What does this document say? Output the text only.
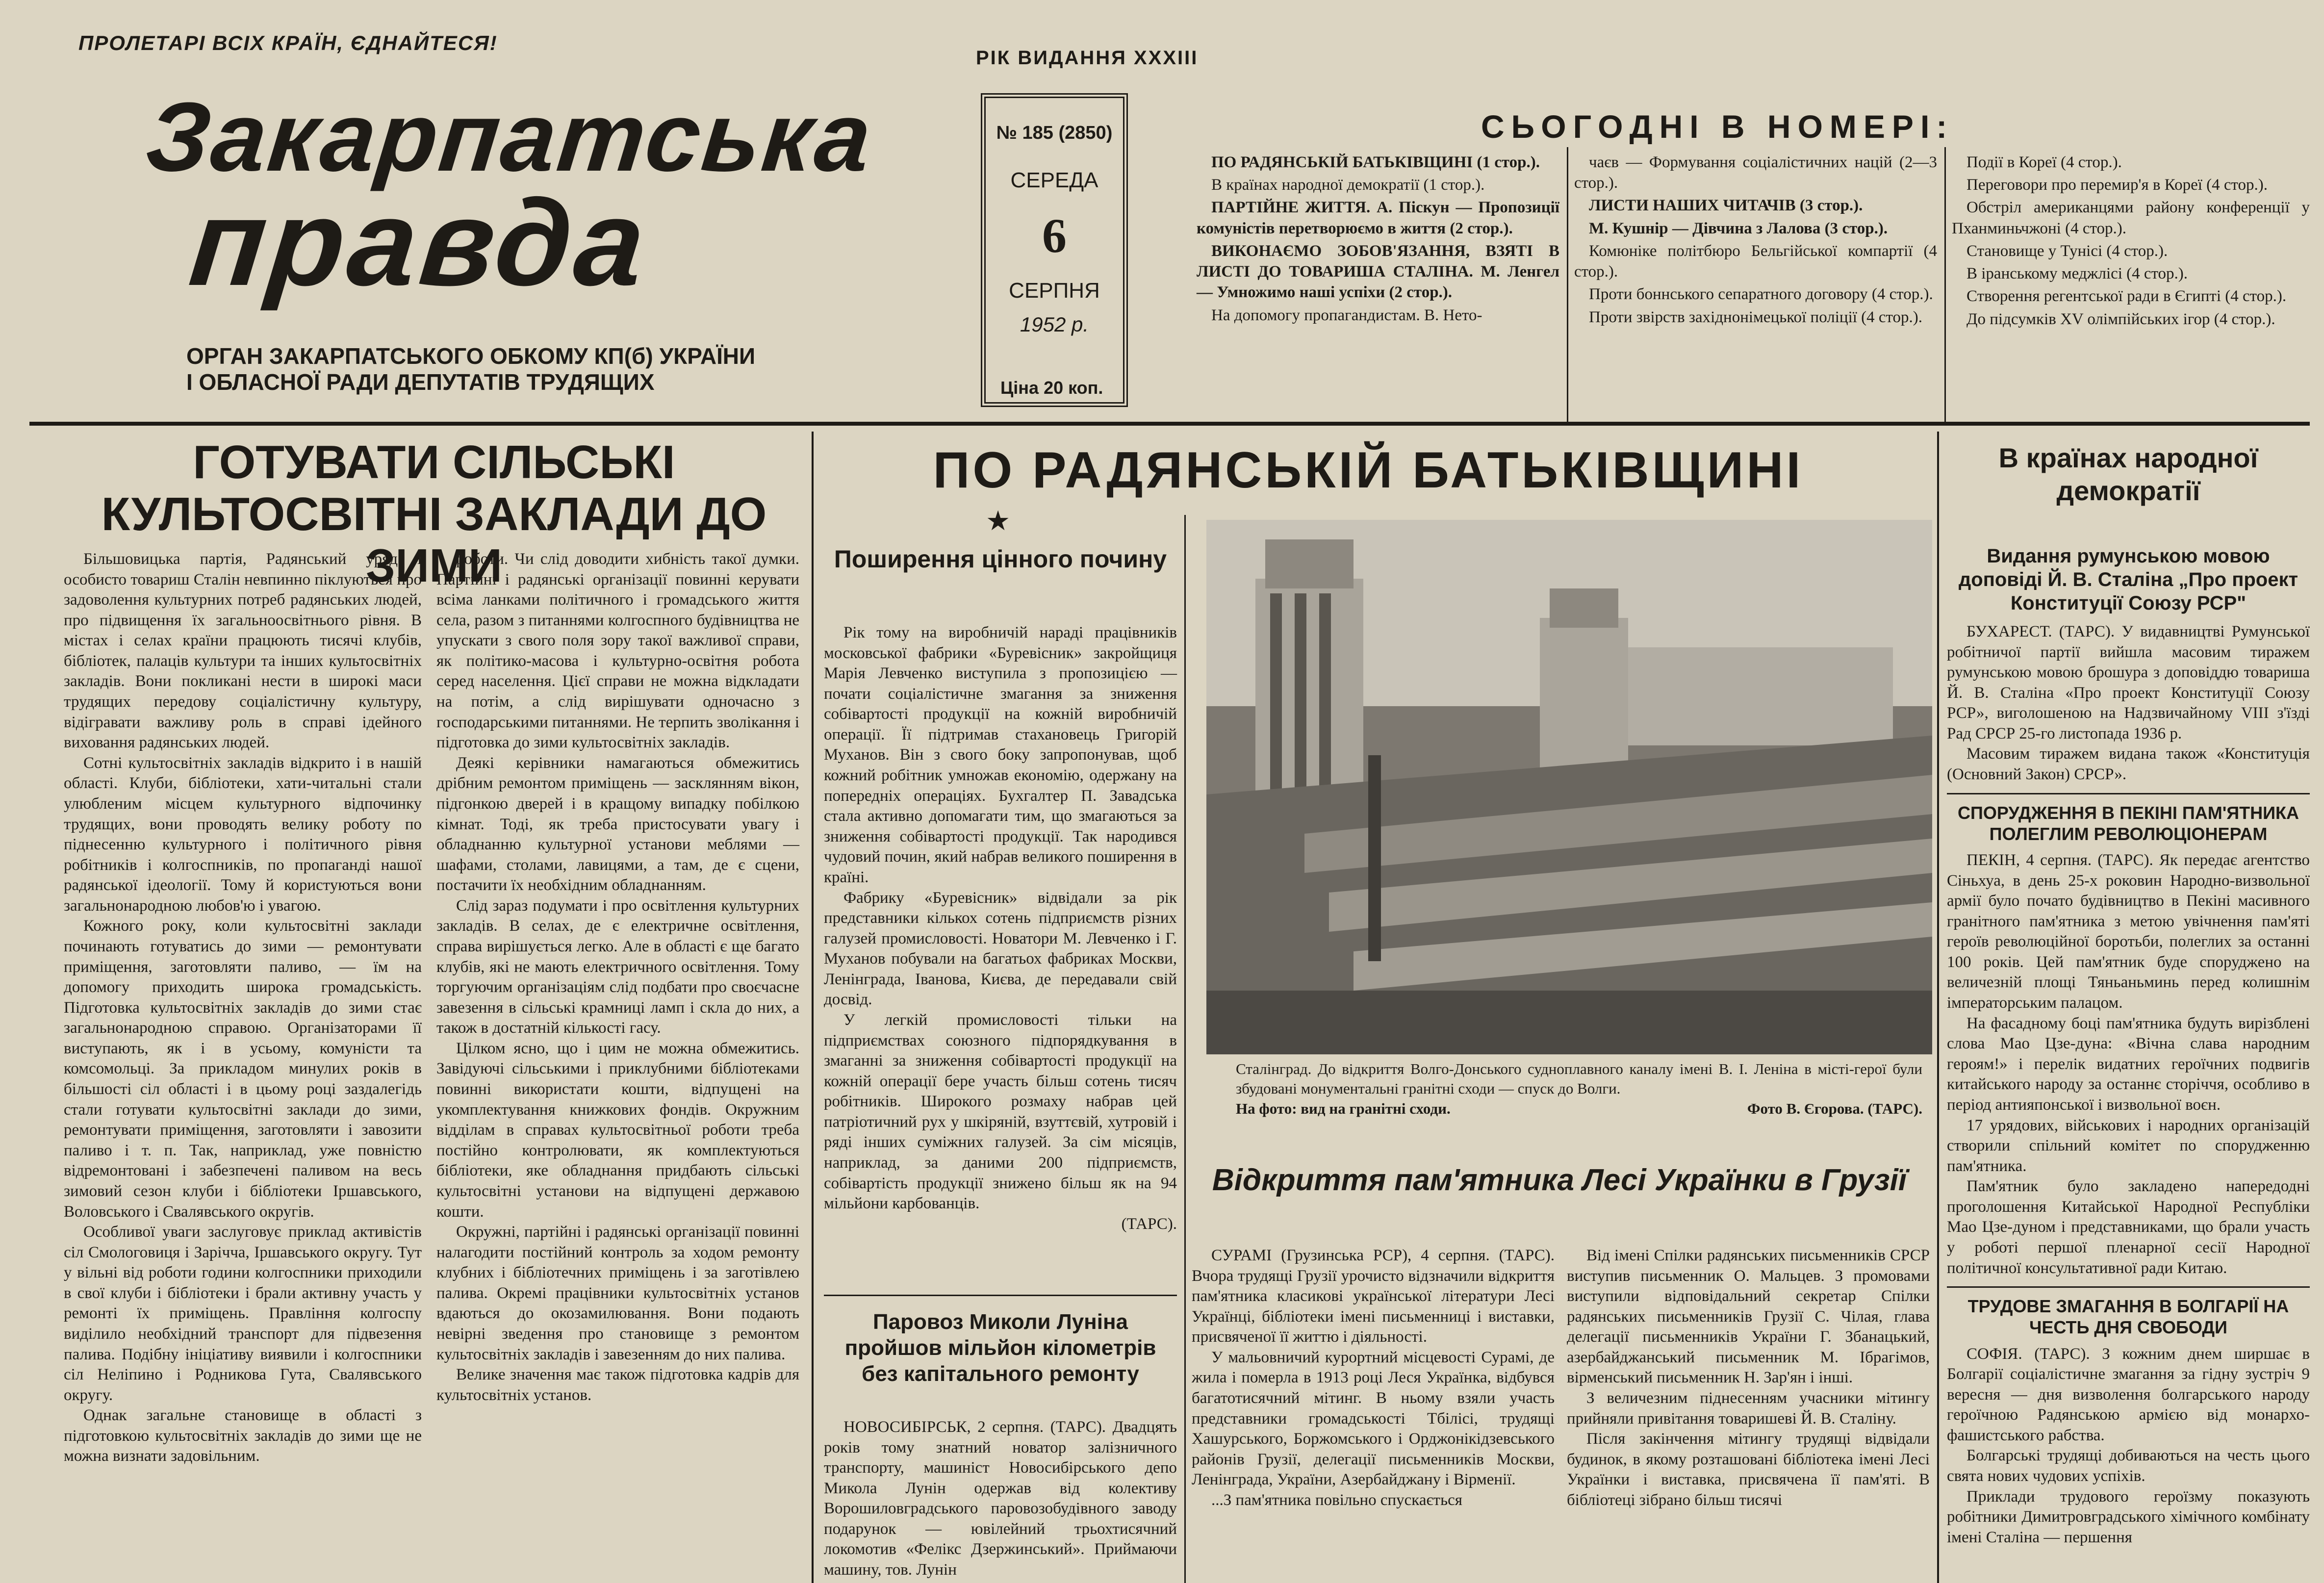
ПРОЛЕТАРІ ВСІХ КРАЇН, ЄДНАЙТЕСЯ!
РІК ВИДАННЯ XXXIII
Закарпатська
правда
ОРГАН ЗАКАРПАТСЬКОГО ОБКОМУ КП(б) УКРАЇНИ
І ОБЛАСНОЇ РАДИ ДЕПУТАТІВ ТРУДЯЩИХ
№ 185 (2850)
СЕРЕДА
6
СЕРПНЯ
1952 р.
Ціна 20 коп.
СЬОГОДНІ В НОМЕРІ:

ПО РАДЯНСЬКІЙ БАТЬКІВЩИНІ (1 стор.).

В країнах народної демократії (1 стор.).

ПАРТІЙНЕ ЖИТТЯ. А. Піскун — Пропозиції комуністів перетворюємо в життя (2 стор.).

ВИКОНАЄМО ЗОБОВ'ЯЗАННЯ, ВЗЯТІ В ЛИСТІ ДО ТОВАРИША СТАЛІНА. М. Ленгел — Умножимо наші успіхи (2 стор.).

На допомогу пропагандистам. В. Нето-

чаєв — Формування соціалістичних націй (2—3 стор.).

ЛИСТИ НАШИХ ЧИТАЧІВ (3 стор.).

М. Кушнір — Дівчина з Лалова (3 стор.).

Комюніке політбюро Бельгійської компартії (4 стор.).

Проти боннського сепаратного договору (4 стор.).

Проти звірств західнонімецької поліції (4 стор.).

Події в Кореї (4 стор.).

Переговори про перемир'я в Кореї (4 стор.).

Обстріл американцями району конференції у Пханминьчжоні (4 стор.).

Становище у Тунісі (4 стор.).

В іранському меджлісі (4 стор.).

Створення регентської ради в Єгипті (4 стор.).

До підсумків XV олімпійських ігор (4 стор.).

ГОТУВАТИ СІЛЬСЬКІ КУЛЬТОСВІТНІ ЗАКЛАДИ ДО ЗИМИ

Більшовицька партія, Радянський уряд і особисто товариш Сталін невпинно піклуються про задоволення культурних потреб радянських людей, про підвищення їх загальноосвітнього рівня. В містах і селах країни працюють тисячі клубів, бібліотек, палаців культури та інших культосвітніх закладів. Вони покликані нести в широкі маси трудящих передову соціалістичну культуру, відігравати важливу роль в справі ідейного виховання радянських людей.

Сотні культосвітніх закладів відкрито і в нашій області. Клуби, бібліотеки, хати-читальні стали улюбленим місцем культурного відпочинку трудящих, вони проводять велику роботу по піднесенню культурного і політичного рівня робітників і колгоспників, по пропаганді нашої радянської ідеології. Тому й користуються вони загальнонародною любов'ю і увагою.

Кожного року, коли культосвітні заклади починають готуватись до зими — ремонтувати приміщення, заготовляти паливо, — їм на допомогу приходить широка громадськість. Підготовка культосвітніх закладів до зими стає загальнонародною справою. Організаторами її виступають, як і в усьому, комуністи та комсомольці. За прикладом минулих років в більшості сіл області і в цьому році заздалегідь стали готувати культосвітні заклади до зими, ремонтувати приміщення, заготовляти і завозити паливо і т. п. Так, наприклад, уже повністю відремонтовані і забезпечені паливом на весь зимовий сезон клуби і бібліотеки Іршавського, Воловського і Свалявського округів.

Особливої уваги заслуговує приклад активістів сіл Смологовиця і Зарічча, Іршавського округу. Тут у вільні від роботи години колгоспники приходили в свої клуби і бібліотеки і брали активну участь у ремонті їх приміщень. Правління колгоспу виділило необхідний транспорт для підвезення палива. Подібну ініціативу виявили і колгоспники сіл Неліпино і Родникова Гута, Свалявського округу.

Однак загальне становище в області з підготовкою культосвітніх закладів до зими ще не можна визнати задовільним.

роботи. Чи слід доводити хибність такої думки. Партійні і радянські організації повинні керувати всіма ланками політичного і громадського життя села, разом з питаннями колгоспного будівництва не упускати з свого поля зору такої важливої справи, як політико-масова і культурно-освітня робота серед населення. Цієї справи не можна відкладати на потім, а слід вирішувати одночасно з господарськими питаннями. Не терпить зволікання і підготовка до зими культосвітніх закладів.

Деякі керівники намагаються обмежитись дрібним ремонтом приміщень — засклянням вікон, підгонкою дверей і в кращому випадку побілкою кімнат. Тоді, як треба пристосувати увагу і обладнанню культурної установи меблями — шафами, столами, лавицями, а там, де є сцени, постачити їх необхідним обладнанням.

Слід зараз подумати і про освітлення культурних закладів. В селах, де є електричне освітлення, справа вирішується легко. Але в області є ще багато клубів, які не мають електричного освітлення. Тому торгуючим організаціям слід подбати про своєчасне завезення в сільські крамниці ламп і скла до них, а також в достатній кількості гасу.

Цілком ясно, що і цим не можна обмежитись. Завідуючі сільськими і приклубними бібліотеками повинні використати кошти, відпущені на укомплектування книжкових фондів. Окружним відділам в справах культосвітньої роботи треба постійно контролювати, як комплектуються бібліотеки, яке обладнання придбають сільські культосвітні установи на відпущені державою кошти.

Окружні, партійні і радянські організації повинні налагодити постійний контроль за ходом ремонту клубних і бібліотечних приміщень і за заготівлею палива. Окремі працівники культосвітніх установ вдаються до окозамилювання. Вони подають невірні зведення про становище з ремонтом культосвітніх закладів і завезенням до них палива.

Велике значення має також підготовка кадрів для культосвітніх установ.

ПО РАДЯНСЬКІЙ БАТЬКІВЩИНІ
★
Поширення цінного почину

Рік тому на виробничій нараді працівників московської фабрики «Буревісник» закройщиця Марія Левченко виступила з пропозицією — почати соціалістичне змагання за зниження собівартості продукції на кожній виробничій операції. Її підтримав стахановець Григорій Муханов. Він з свого боку запропонував, щоб кожний робітник умножав економію, одержану на попередніх операціях. Бухгалтер П. Завадська стала активно допомагати тим, що змагаються за зниження собівартості продукції. Так народився чудовий почин, який набрав великого поширення в країні.

Фабрику «Буревісник» відвідали за рік представники кількох сотень підприємств різних галузей промисловості. Новатори М. Левченко і Г. Муханов побували на багатьох фабриках Москви, Ленінграда, Іванова, Києва, де передавали свій досвід.

У легкій промисловості тільки на підприємствах союзного підпорядкування в змаганні за зниження собівартості продукції на кожній операції бере участь більш сотень тисяч робітників. Широкого розмаху набрав цей патріотичний рух у шкіряній, взуттєвій, хутровій і ряді інших суміжних галузей. За сім місяців, наприклад, за даними 200 підприємств, собівартість продукції знижено більш як на 94 мільйони карбованців.

(ТАРС).

Паровоз Миколи Луніна пройшов мільйон кілометрів без капітального ремонту

НОВОСИБІРСЬК, 2 серпня. (ТАРС). Двадцять років тому знатний новатор залізничного транспорту, машиніст Новосибірського депо Микола Лунін одержав від колективу Ворошиловградського паровозобудівного заводу подарунок — ювілейний трьохтисячний локомотив «Фелікс Дзержинський». Приймаючи машину, тов. Лунін

Сталінград. До відкриття Волго-Донського судноплавного каналу імені В. І. Леніна в місті-герої були збудовані монументальні гранітні сходи — спуск до Волги.
На фото: вид на гранітні сходи.	Фото В. Єгорова. (ТАРС).
Відкриття пам'ятника Лесі Українки в Грузії

СУРАМІ (Грузинська РСР), 4 серпня. (ТАРС). Вчора трудящі Грузії урочисто відзначили відкриття пам'ятника класикові української літератури Лесі Українці, бібліотеки імені письменниці і виставки, присвяченої її життю і діяльності.

У мальовничий курортний місцевості Сурамі, де жила і померла в 1913 році Леся Українка, відбувся багатотисячний мітинг. В ньому взяли участь представники громадськості Тбілісі, трудящі Хашурського, Боржомського і Орджонікідзевського районів Грузії, делегації письменників Москви, Ленінграда, України, Азербайджану і Вірменії.

...З пам'ятника повільно спускається

Від імені Спілки радянських письменників СРСР виступив письменник О. Мальцев. З промовами виступили відповідальний секретар Спілки радянських письменників Грузії С. Чілая, глава делегації письменників України Г. Збанацький, азербайджанський письменник М. Ібрагімов, вірменський письменник Н. Зар'ян і інші.

З величезним піднесенням учасники мітингу прийняли привітання товаришеві Й. В. Сталіну.

Після закінчення мітингу трудящі відвідали будинок, в якому розташовані бібліотека імені Лесі Українки і виставка, присвячена її пам'яті. В бібліотеці зібрано більш тисячі

В країнах народної демократії
Видання румунською мовою доповіді Й. В. Сталіна „Про проект Конституції Союзу РСР"

БУХАРЕСТ. (ТАРС). У видавництві Румунської робітничої партії вийшла масовим тиражем румунською мовою брошура з доповіддю товариша Й. В. Сталіна «Про проект Конституції Союзу РСР», виголошеною на Надзвичайному VIII з'їзді Рад СРСР 25-го листопада 1936 р.

Масовим тиражем видана також «Конституція (Основний Закон) СРСР».

СПОРУДЖЕННЯ В ПЕКІНІ ПАМ'ЯТНИКА ПОЛЕГЛИМ РЕВОЛЮЦІОНЕРАМ

ПЕКІН, 4 серпня. (ТАРС). Як передає агентство Сіньхуа, в день 25-х роковин Народно-визвольної армії було почато будівництво в Пекіні масивного гранітного пам'ятника з метою увічнення пам'яті героїв революційної боротьби, полеглих за останні 100 років. Цей пам'ятник буде споруджено на величезній площі Тяньаньминь перед колишнім імператорським палацом.

На фасадному боці пам'ятника будуть вирізблені слова Мао Цзе-дуна: «Вічна слава народним героям!» і перелік видатних героїчних подвигів китайського народу за останнє сторіччя, особливо в період антияпонської і визвольної воєн.

17 урядових, військових і народних організацій створили спільний комітет по спорудженню пам'ятника.

Пам'ятник було закладено напередодні проголошення Китайської Народної Республіки Мао Цзе-дуном і представниками, що брали участь у роботі першої пленарної сесії Народної політичної консультативної ради Китаю.

ТРУДОВЕ ЗМАГАННЯ В БОЛГАРІЇ НА ЧЕСТЬ ДНЯ СВОБОДИ

СОФІЯ. (ТАРС). З кожним днем ширшає в Болгарії соціалістичне змагання за гідну зустріч 9 вересня — дня визволення болгарського народу героїчною Радянською армією від монархо-фашистського рабства.

Болгарські трудящі добиваються на честь цього свята нових чудових успіхів.

Приклади трудового героїзму показують робітники Димитровградського хімічного комбінату імені Сталіна — першення
